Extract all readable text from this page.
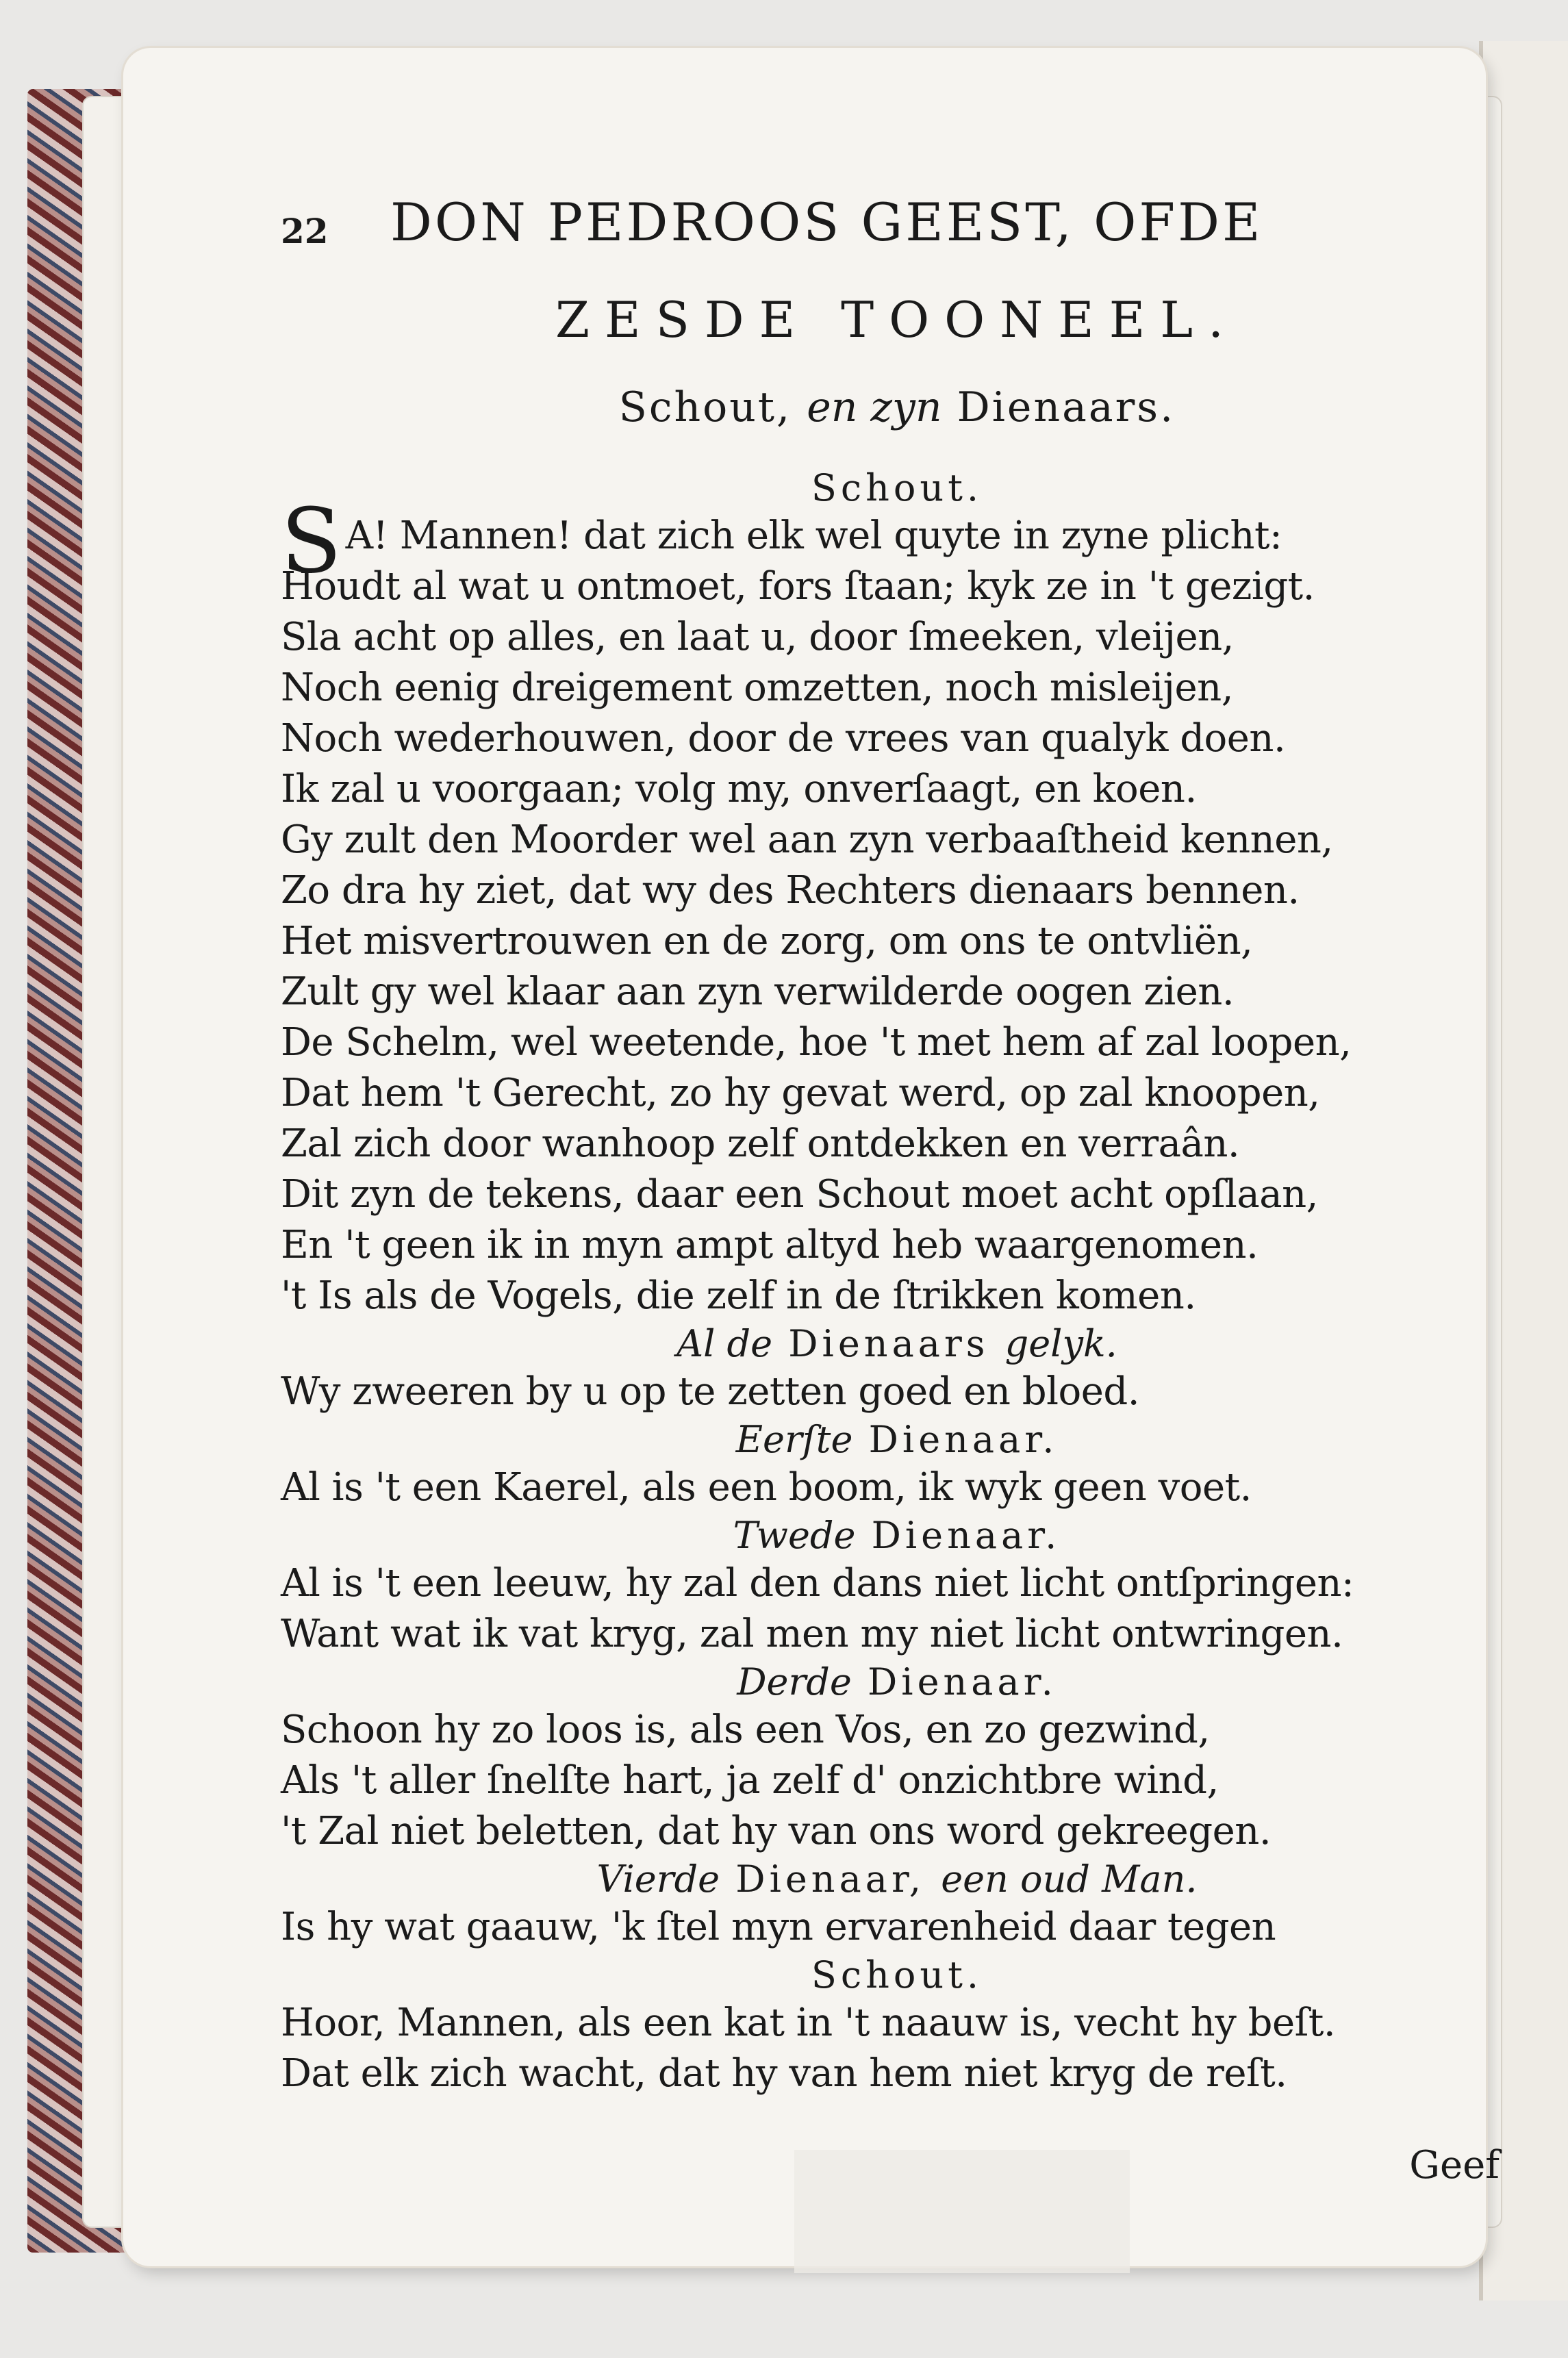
22 DON PEDROOS GEEST, OFDE
ZESDE TOONEEL.
Schout, en zyn Dienaars.
Schout.
S A! Mannen! dat zich elk wel quyte in zyne plicht:
Houdt al wat u ontmoet, fors ſtaan; kyk ze in 't gezigt.
Sla acht op alles, en laat u, door ſmeeken, vleijen,
Noch eenig dreigement omzetten, noch misleijen,
Noch wederhouwen, door de vrees van qualyk doen.
Ik zal u voorgaan; volg my, onverſaagt, en koen.
Gy zult den Moorder wel aan zyn verbaaſtheid kennen,
Zo dra hy ziet, dat wy des Rechters dienaars bennen.
Het misvertrouwen en de zorg, om ons te ontvliën,
Zult gy wel klaar aan zyn verwilderde oogen zien.
De Schelm, wel weetende, hoe 't met hem af zal loopen,
Dat hem 't Gerecht, zo hy gevat werd, op zal knoopen,
Zal zich door wanhoop zelf ontdekken en verraân.
Dit zyn de tekens, daar een Schout moet acht opſlaan,
En 't geen ik in myn ampt altyd heb waargenomen.
't Is als de Vogels, die zelf in de ſtrikken komen.
Al de Dienaars gelyk.
Wy zweeren by u op te zetten goed en bloed.
Eerſte Dienaar.
Al is 't een Kaerel, als een boom, ik wyk geen voet.
Twede Dienaar.
Al is 't een leeuw, hy zal den dans niet licht ontſpringen:
Want wat ik vat kryg, zal men my niet licht ontwringen.
Derde Dienaar.
Schoon hy zo loos is, als een Vos, en zo gezwind,
Als 't aller ſnelſte hart, ja zelf d' onzichtbre wind,
't Zal niet beletten, dat hy van ons word gekreegen.
Vierde Dienaar, een oud Man.
Is hy wat gaauw, 'k ſtel myn ervarenheid daar tegen
Schout.
Hoor, Mannen, als een kat in 't naauw is, vecht hy beſt.
Dat elk zich wacht, dat hy van hem niet kryg de reſt.
Geef
